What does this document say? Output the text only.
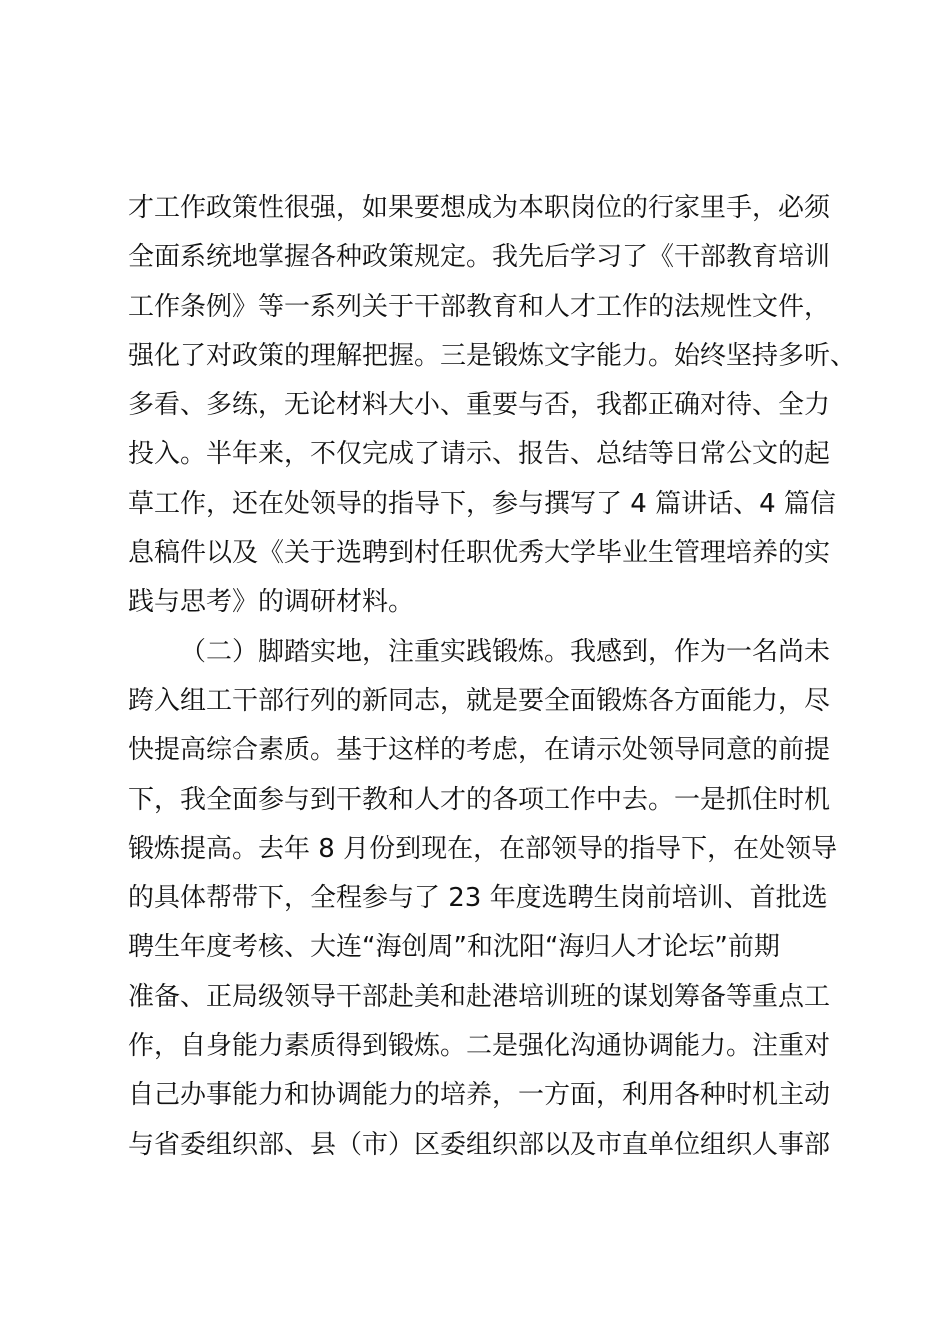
才工作政策性很强，如果要想成为本职岗位的行家里手，必须
全面系统地掌握各种政策规定。我先后学习了《干部教育培训
工作条例》等一系列关于干部教育和人才工作的法规性文件，
强化了对政策的理解把握。三是锻炼文字能力。始终坚持多听、
多看、多练，无论材料大小、重要与否，我都正确对待、全力
投入。半年来，不仅完成了请示、报告、总结等日常公文的起
草工作，还在处领导的指导下，参与撰写了 4 篇讲话、4 篇信
息稿件以及《关于选聘到村任职优秀大学毕业生管理培养的实
践与思考》的调研材料。
（二）脚踏实地，注重实践锻炼。我感到，作为一名尚未
跨入组工干部行列的新同志，就是要全面锻炼各方面能力，尽
快提高综合素质。基于这样的考虑，在请示处领导同意的前提
下，我全面参与到干教和人才的各项工作中去。一是抓住时机
锻炼提高。去年 8 月份到现在，在部领导的指导下，在处领导
的具体帮带下，全程参与了 23 年度选聘生岗前培训、首批选
聘生年度考核、大连“海创周”和沈阳“海归人才论坛”前期
准备、正局级领导干部赴美和赴港培训班的谋划筹备等重点工
作，自身能力素质得到锻炼。二是强化沟通协调能力。注重对
自己办事能力和协调能力的培养，一方面，利用各种时机主动
与省委组织部、县（市）区委组织部以及市直单位组织人事部
